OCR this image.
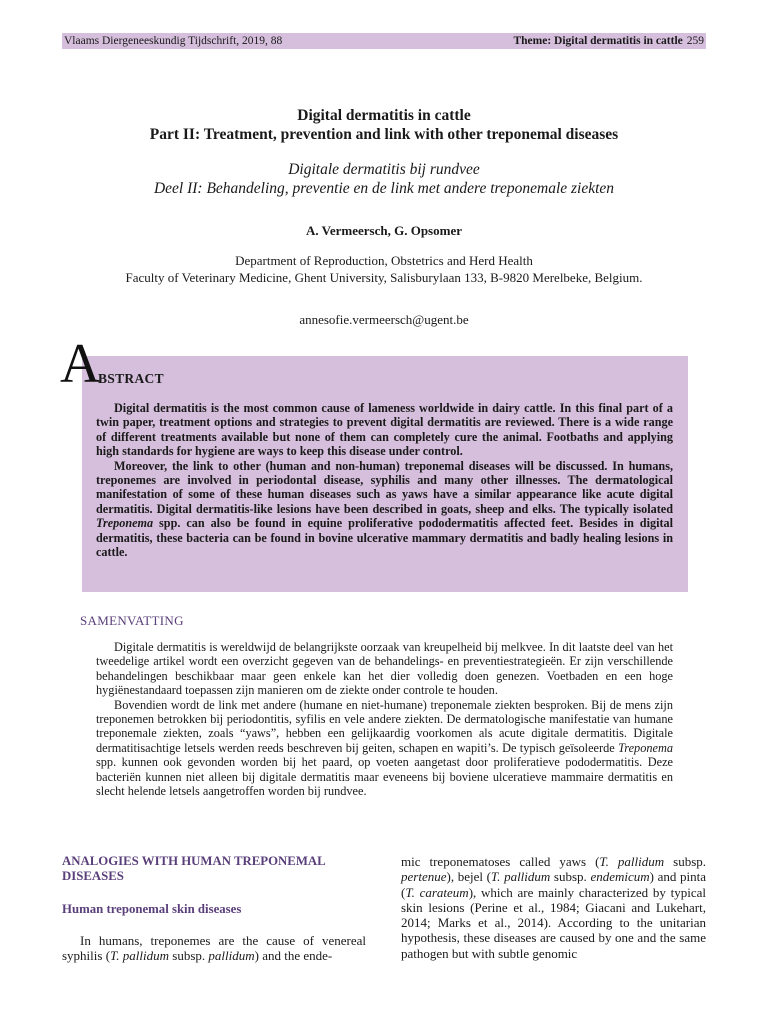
Vlaams Diergeneeskundig Tijdschrift, 2019, 88	Theme: Digital dermatitis in cattle 259
Digital dermatitis in cattle
Part II: Treatment, prevention and link with other treponemal diseases
Digitale dermatitis bij rundvee
Deel II: Behandeling, preventie en de link met andere treponemale ziekten
A. Vermeersch, G. Opsomer
Department of Reproduction, Obstetrics and Herd Health
Faculty of Veterinary Medicine, Ghent University, Salisburylaan 133, B-9820 Merelbeke, Belgium.
annesofie.vermeersch@ugent.be
A
BSTRACT

Digital dermatitis is the most common cause of lameness worldwide in dairy cattle. In this final part of a twin paper, treatment options and strategies to prevent digital dermatitis are reviewed. There is a wide range of different treatments available but none of them can completely cure the animal. Footbaths and applying high standards for hygiene are ways to keep this disease under control.

Moreover, the link to other (human and non-human) treponemal diseases will be discussed. In humans, treponemes are involved in periodontal disease, syphilis and many other illnesses. The dermatological manifestation of some of these human diseases such as yaws have a similar appearance like acute digital dermatitis. Digital dermatitis-like lesions have been described in goats, sheep and elks. The typically isolated Treponema spp. can also be found in equine proliferative pododermatitis affected feet. Besides in digital dermatitis, these bacteria can be found in bovine ulcerative mammary dermatitis and badly healing lesions in cattle.

SAMENVATTING

Digitale dermatitis is wereldwijd de belangrijkste oorzaak van kreupelheid bij melkvee. In dit laatste deel van het tweedelige artikel wordt een overzicht gegeven van de behandelings- en preventiestrategieën. Er zijn verschillende behandelingen beschikbaar maar geen enkele kan het dier volledig doen genezen. Voetbaden en een hoge hygiënestandaard toepassen zijn manieren om de ziekte onder controle te houden.

Bovendien wordt de link met andere (humane en niet-humane) treponemale ziekten besproken. Bij de mens zijn treponemen betrokken bij periodontitis, syfilis en vele andere ziekten. De dermatologische manifestatie van humane treponemale ziekten, zoals “yaws”, hebben een gelijkaardig voorkomen als acute digitale dermatitis. Digitale dermatitisachtige letsels werden reeds beschreven bij geiten, schapen en wapiti’s. De typisch geïsoleerde Treponema spp. kunnen ook gevonden worden bij het paard, op voeten aangetast door proliferatieve pododermatitis. Deze bacteriën kunnen niet alleen bij digitale dermatitis maar eveneens bij boviene ulceratieve mammaire dermatitis en slecht helende letsels aangetroffen worden bij rundvee.

ANALOGIES WITH HUMAN TREPONEMAL DISEASES

Human treponemal skin diseases

In humans, treponemes are the cause of venereal syphilis (T. pallidum subsp. pallidum) and the ende-

mic treponematoses called yaws (T. pallidum subsp. pertenue), bejel (T. pallidum subsp. endemicum) and pinta (T. carateum), which are mainly characterized by typical skin lesions (Perine et al., 1984; Giacani and Lukehart, 2014; Marks et al., 2014). According to the unitarian hypothesis, these diseases are caused by one and the same pathogen but with subtle genomic
